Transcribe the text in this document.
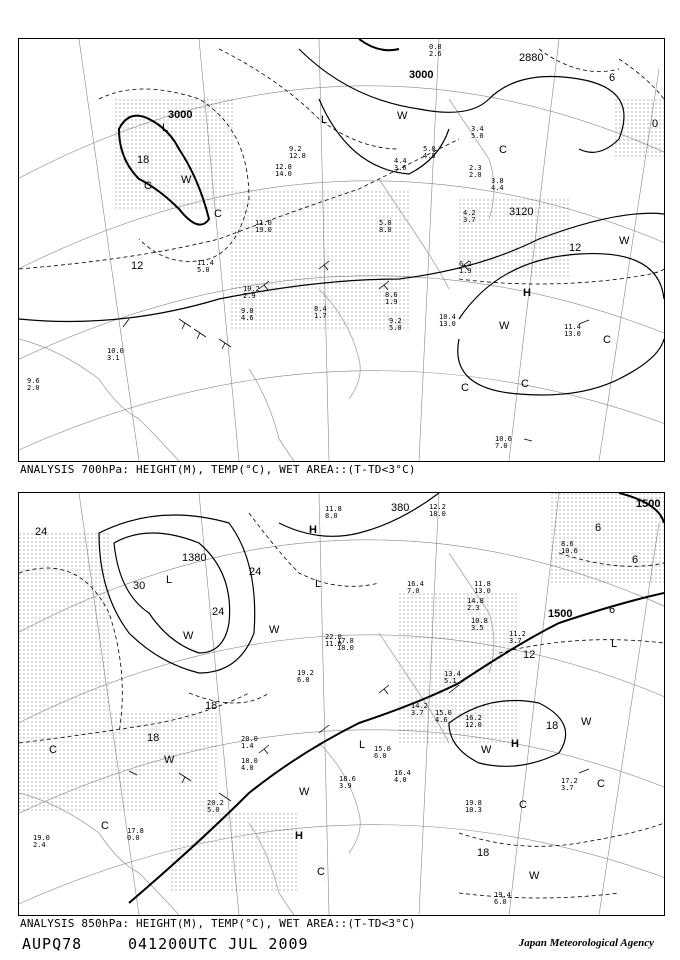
3000
3000
3120
2880
18
12
12
0
6
L
L
H
W
W
W
W
C
C
C
C
C
C
10.4
13.0	11.4
13.0
9.2
5.0
8.6
1.9
10.0
3.1
10.6
7.0
9.6
2.0
3.4
5.0
5.0
4.8
4.4
3.6
12.8
14.0
9.2
12.8
11.0
19.0
5.0
8.0
2.3
2.0
3.8
4.4
4.2
3.7
0.8
2.6
6.2
1.9
8.4
1.7
9.8
4.6
10.2
2.9
11.4
5.0
ANALYSIS 700hPa: HEIGHT(M), TEMP(°C), WET AREA::(T-TD<3°C)
1500
1500
1380
380
24
24
24
30
18
18
18
18
12
6
6
6
L	L
L
L
H
H
H
W	W
W
W
W
W
W
C
C
C
C
C
19.4
6.0
17.2
3.7
19.8
10.3
17.8
0.0
19.0
2.4
20.2
5.0
18.6
3.9
16.4
4.0
15.0
6.0
14.2
3.7
16.2
12.0
15.0
4.6
13.4
5.1
10.8
3.5
11.2
3.7
14.8
2.3
16.4
7.0
11.8
13.0
12.2
18.0
17.8
18.0
22.0
11.0
19.2
6.0
20.0
1.4
18.0
4.0
8.6
10.6
11.8
8.0
ANALYSIS 850hPa: HEIGHT(M), TEMP(°C), WET AREA::(T-TD<3°C)
AUPQ78	041200UTC JUL 2009	Japan Meteorological Agency
